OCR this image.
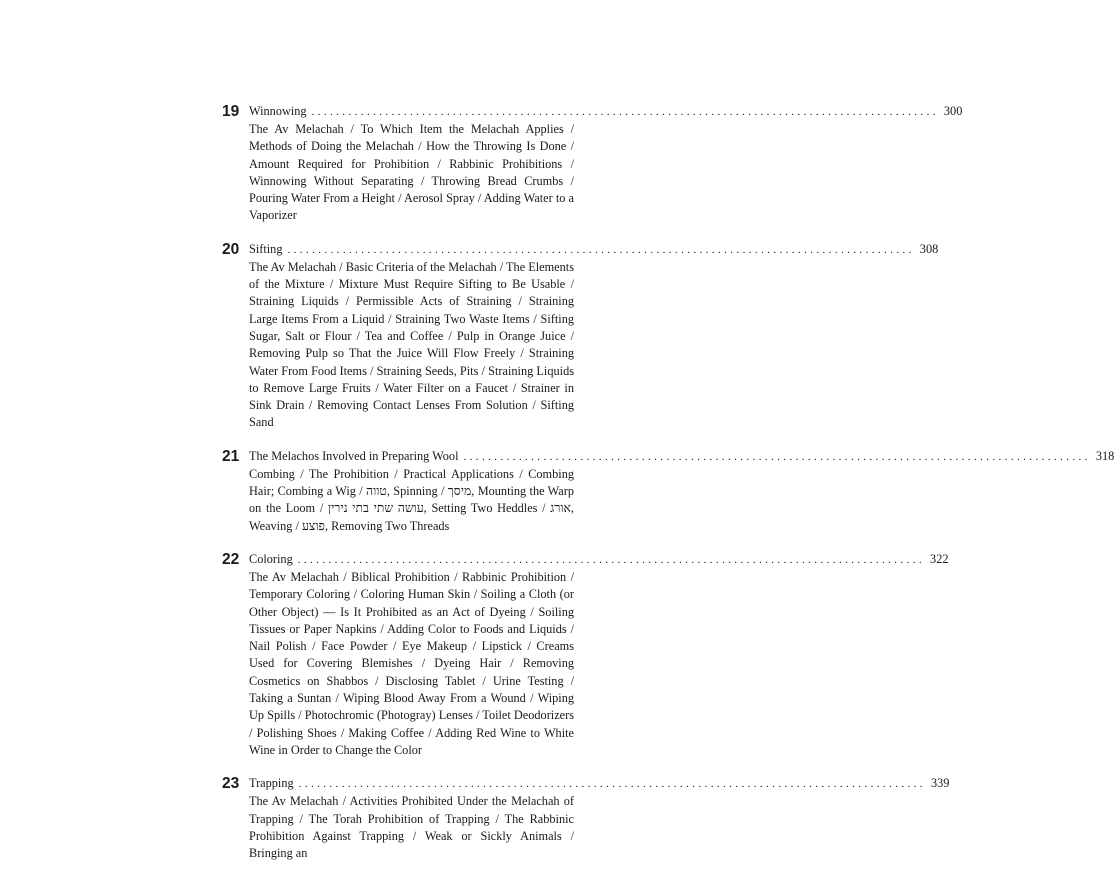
19 Winnowing ...................................................................................................... 300
The Av Melachah / To Which Item the Melachah Applies / Methods of Doing the Melachah / How the Throwing Is Done / Amount Required for Prohibition / Rabbinic Prohibitions / Winnowing Without Separating / Throwing Bread Crumbs / Pouring Water From a Height / Aerosol Spray / Adding Water to a Vaporizer
20 Sifting ...................................................................................................... 308
The Av Melachah / Basic Criteria of the Melachah / The Elements of the Mixture / Mixture Must Require Sifting to Be Usable / Straining Liquids / Permissible Acts of Straining / Straining Large Items From a Liquid / Straining Two Waste Items / Sifting Sugar, Salt or Flour / Tea and Coffee / Pulp in Orange Juice / Removing Pulp so That the Juice Will Flow Freely / Straining Water From Food Items / Straining Seeds, Pits / Straining Liquids to Remove Large Fruits / Water Filter on a Faucet / Strainer in Sink Drain / Removing Contact Lenses From Solution / Sifting Sand
21 The Melachos Involved in Preparing Wool ...................................................................................................... 318
Combing / The Prohibition / Practical Applications / Combing Hair; Combing a Wig / טווה, Spinning / מיסך, Mounting the Warp on the Loom / עושה שתי בתי נירין, Setting Two Heddles / אורג, Weaving / פוצע, Removing Two Threads
22 Coloring ...................................................................................................... 322
The Av Melachah / Biblical Prohibition / Rabbinic Prohibition / Temporary Coloring / Coloring Human Skin / Soiling a Cloth (or Other Object) — Is It Prohibited as an Act of Dyeing / Soiling Tissues or Paper Napkins / Adding Color to Foods and Liquids / Nail Polish / Face Powder / Eye Makeup / Lipstick / Creams Used for Covering Blemishes / Dyeing Hair / Removing Cosmetics on Shabbos / Disclosing Tablet / Urine Testing / Taking a Suntan / Wiping Blood Away From a Wound / Wiping Up Spills / Photochromic (Photogray) Lenses / Toilet Deodorizers / Polishing Shoes / Making Coffee / Adding Red Wine to White Wine in Order to Change the Color
23 Trapping ...................................................................................................... 339
The Av Melachah / Activities Prohibited Under the Melachah of Trapping / The Torah Prohibition of Trapping / The Rabbinic Prohibition Against Trapping / Weak or Sickly Animals / Bringing an
